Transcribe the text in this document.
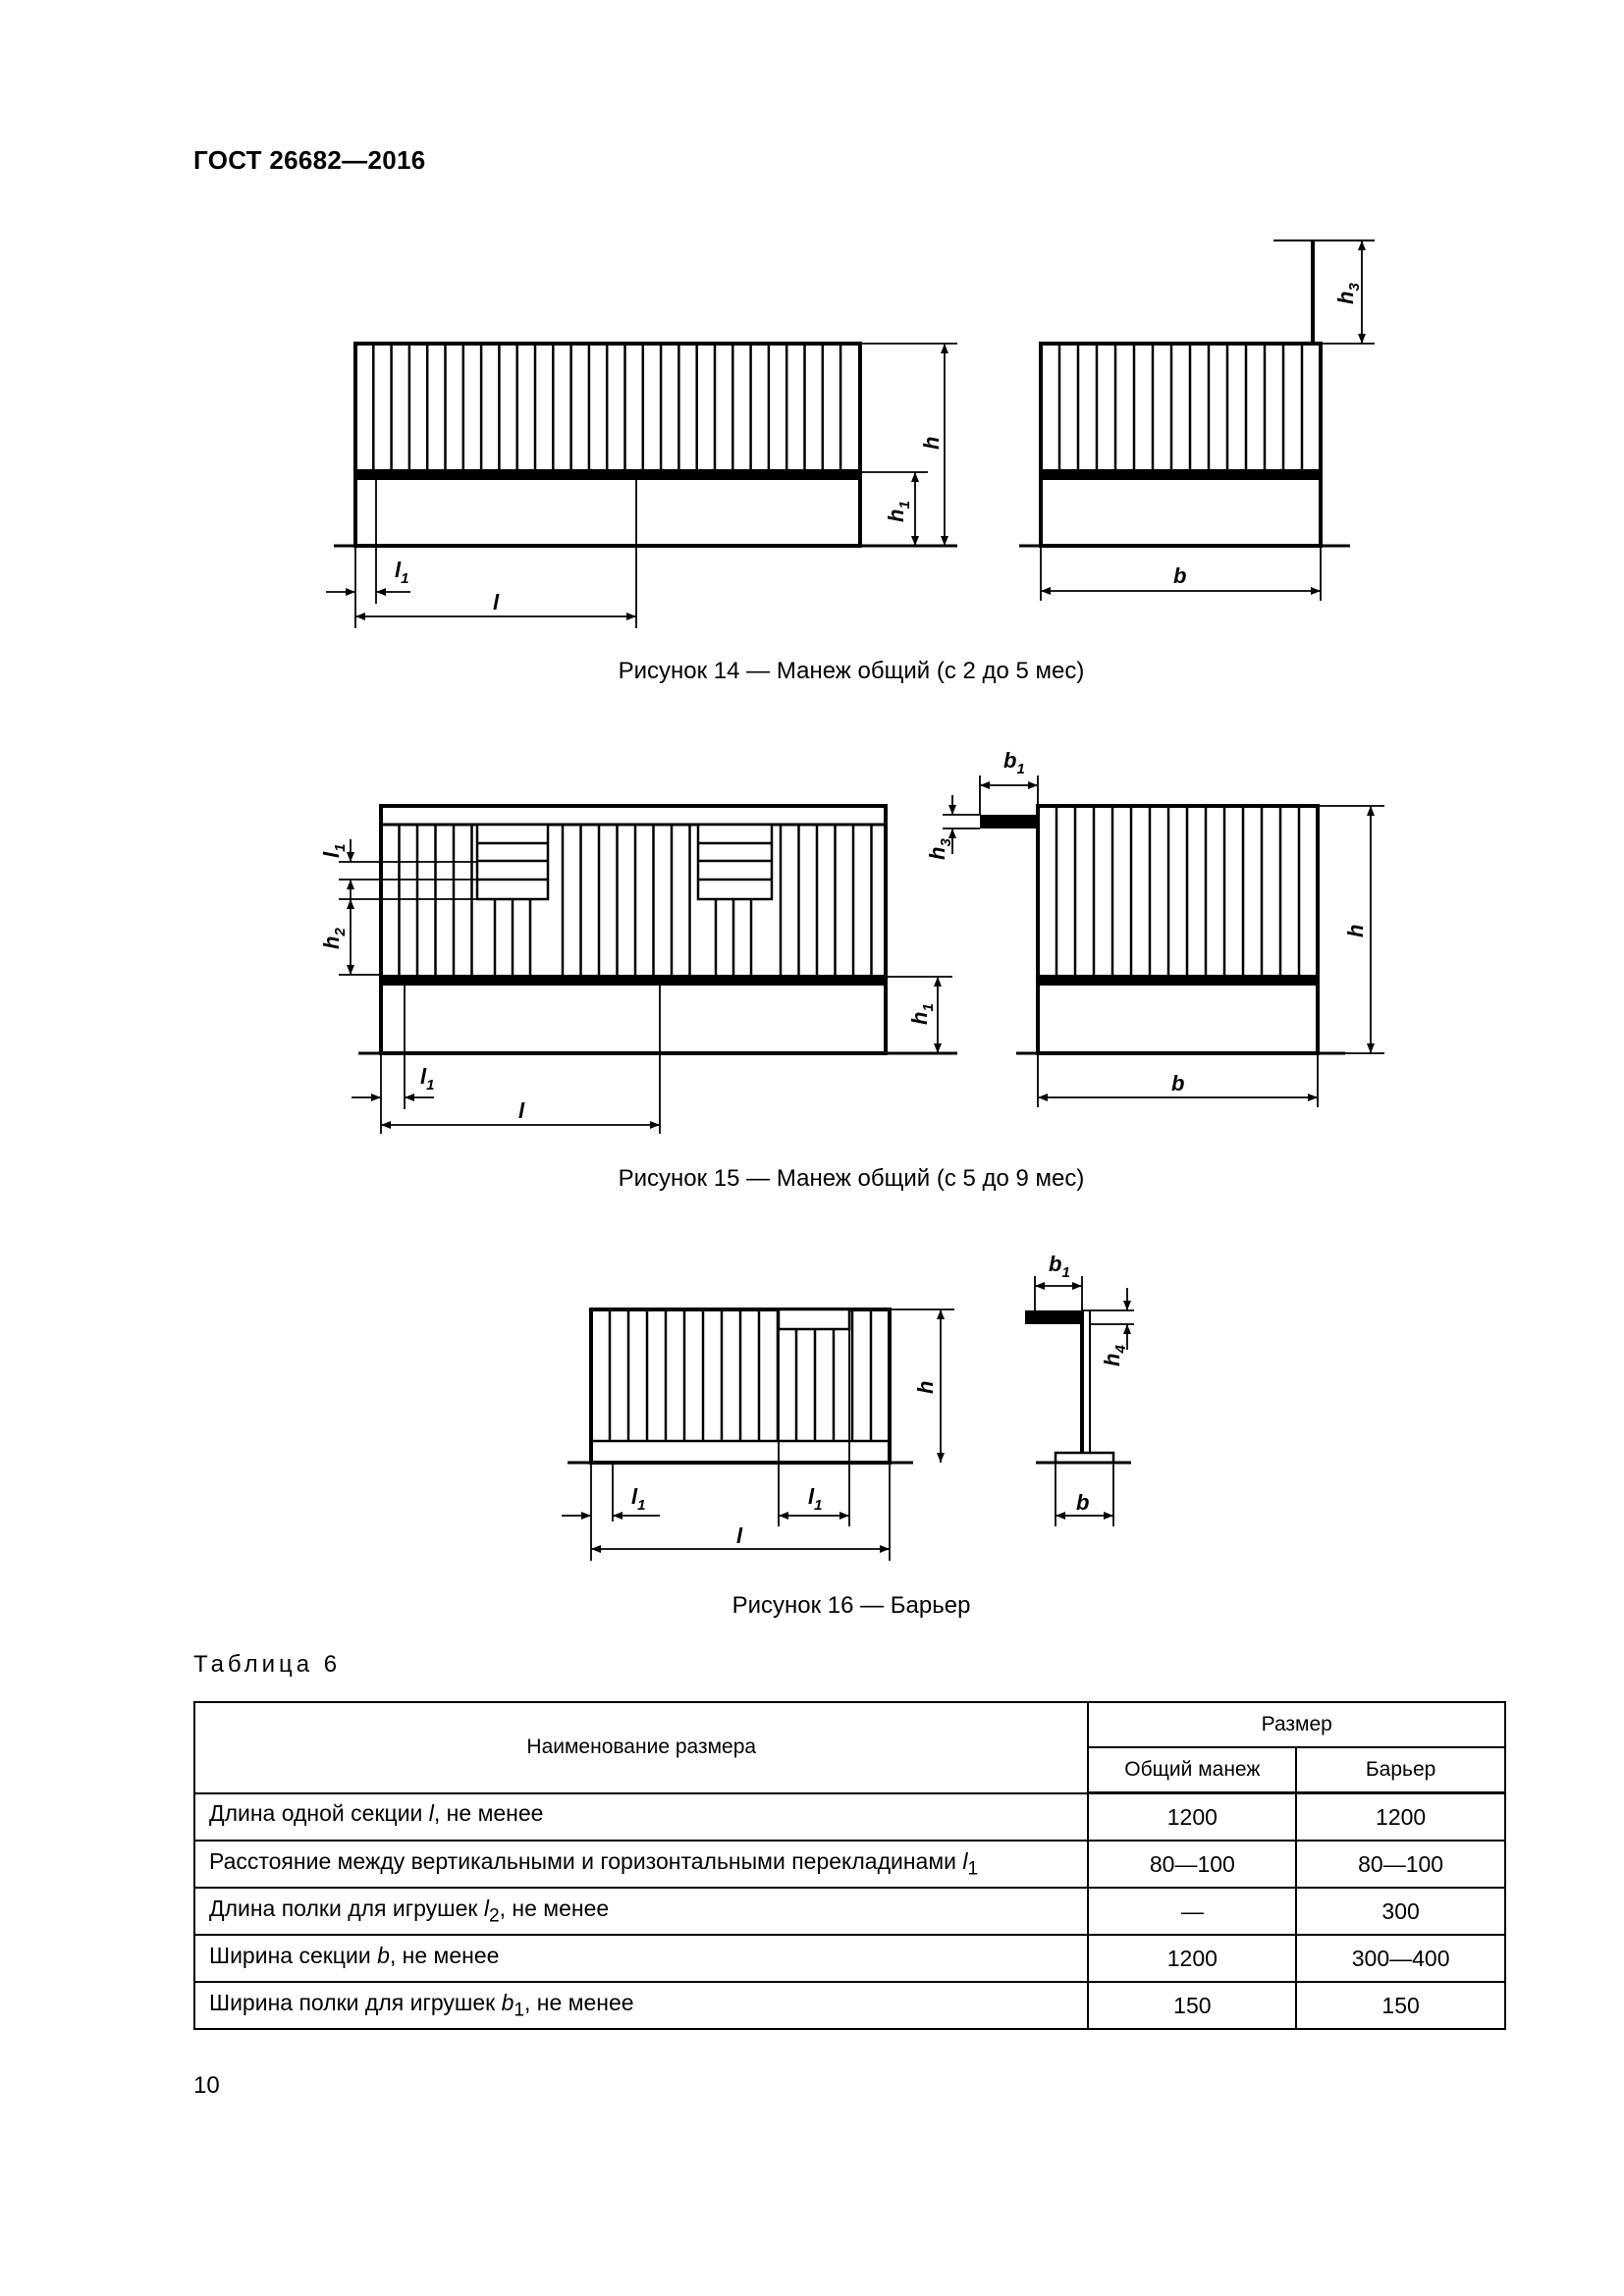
ГОСТ 26682—2016
$l_1$
l
h
$h_1$
$h_3$
b
Рисунок 14 — Манеж общий (с 2 до 5 мес)
$l_1$
$h_2$
$h_1$
$l_1$
l
$b_1$
$h_3$
h
b
Рисунок 15 — Манеж общий (с 5 до 9 мес)
h
$l_1$	$l_1$
l
$b_1$
$h_4$
b
Рисунок 16 — Барьер
Таблица 6
Наименование размера	Размер	
	Общий манеж	Барьер
Длина одной секции l, не менее	1200	1200
Расстояние между вертикальными и горизонтальными перекладинами $l_1$	80—100	80—100
Длина полки для игрушек $l_2$, не менее	—	300
Ширина секции b, не менее	1200	300—400
Ширина полки для игрушек $b_1$, не менее	150	150
10
